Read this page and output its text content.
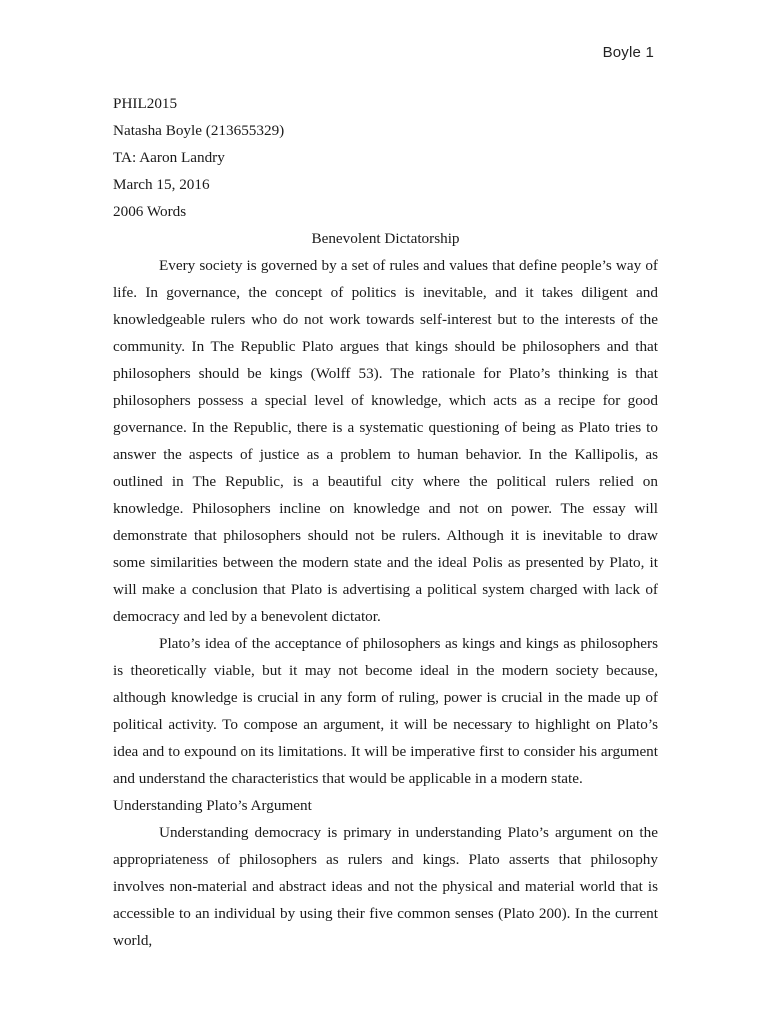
Boyle 1
PHIL2015
Natasha Boyle (213655329)
TA: Aaron Landry
March 15, 2016
2006 Words
Benevolent Dictatorship
Every society is governed by a set of rules and values that define people’s way of life. In governance, the concept of politics is inevitable, and it takes diligent and knowledgeable rulers who do not work towards self-interest but to the interests of the community. In The Republic Plato argues that kings should be philosophers and that philosophers should be kings (Wolff 53). The rationale for Plato’s thinking is that philosophers possess a special level of knowledge, which acts as a recipe for good governance. In the Republic, there is a systematic questioning of being as Plato tries to answer the aspects of justice as a problem to human behavior. In the Kallipolis, as outlined in The Republic, is a beautiful city where the political rulers relied on knowledge. Philosophers incline on knowledge and not on power. The essay will demonstrate that philosophers should not be rulers. Although it is inevitable to draw some similarities between the modern state and the ideal Polis as presented by Plato, it will make a conclusion that Plato is advertising a political system charged with lack of democracy and led by a benevolent dictator.
Plato’s idea of the acceptance of philosophers as kings and kings as philosophers is theoretically viable, but it may not become ideal in the modern society because, although knowledge is crucial in any form of ruling, power is crucial in the made up of political activity. To compose an argument, it will be necessary to highlight on Plato’s idea and to expound on its limitations. It will be imperative first to consider his argument and understand the characteristics that would be applicable in a modern state.
Understanding Plato’s Argument
Understanding democracy is primary in understanding Plato’s argument on the appropriateness of philosophers as rulers and kings. Plato asserts that philosophy involves non-material and abstract ideas and not the physical and material world that is accessible to an individual by using their five common senses (Plato 200). In the current world,
